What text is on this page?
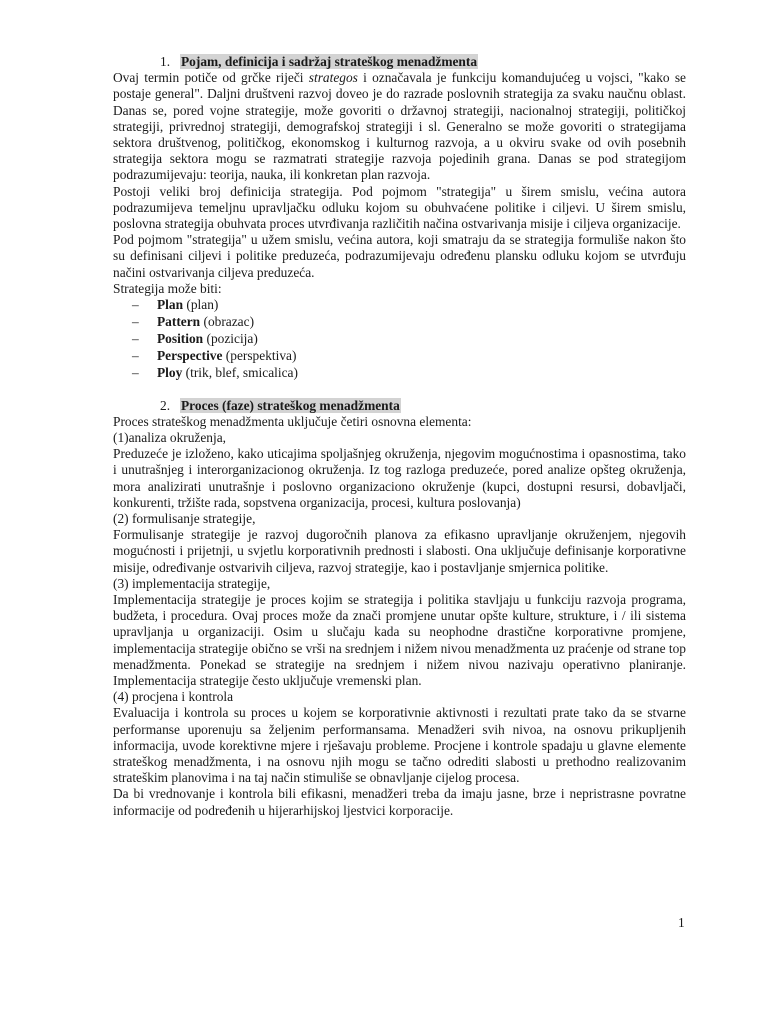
1. Pojam, definicija i sadržaj strateškog menadžmenta

Ovaj termin potiče od grčke riječi strategos i označavala je funkciju komandujućeg u vojsci, "kako se postaje general". Daljni društveni razvoj doveo je do razrade poslovnih strategija za svaku naučnu oblast. Danas se, pored vojne strategije, može govoriti o državnoj strategiji, nacionalnoj strategiji, političkoj strategiji, privrednoj strategiji, demografskoj strategiji i sl. Generalno se može govoriti o strategijama sektora društvenog, političkog, ekonomskog i kulturnog razvoja, a u okviru svake od ovih posebnih strategija sektora mogu se razmatrati strategije razvoja pojedinih grana. Danas se pod strategijom podrazumijevaju: teorija, nauka, ili konkretan plan razvoja.

Postoji veliki broj definicija strategija. Pod pojmom "strategija" u širem smislu, većina autora podrazumijeva temeljnu upravljačku odluku kojom su obuhvaćene politike i ciljevi. U širem smislu, poslovna strategija obuhvata proces utvrđivanja različitih načina ostvarivanja misije i ciljeva organizacije.

Pod pojmom "strategija" u užem smislu, većina autora, koji smatraju da se strategija formuliše nakon što su definisani ciljevi i politike preduzeća, podrazumijevaju određenu plansku odluku kojom se utvrđuju načini ostvarivanja ciljeva preduzeća.

Strategija može biti:

– Plan (plan)
– Pattern (obrazac)
– Position (pozicija)
– Perspective (perspektiva)
– Ploy (trik, blef, smicalica)
2. Proces (faze) strateškog menadžmenta

Proces strateškog menadžmenta uključuje četiri osnovna elementa:

(1)analiza okruženja,

Preduzeće je izloženo, kako uticajima spoljašnjeg okruženja, njegovim mogućnostima i opasnostima, tako i unutrašnjeg i interorganizacionog okruženja. Iz tog razloga preduzeće, pored analize opšteg okruženja, mora analizirati unutrašnje i poslovno organizaciono okruženje (kupci, dostupni resursi, dobavljači, konkurenti, tržište rada, sopstvena organizacija, procesi, kultura poslovanja)

(2) formulisanje strategije,

Formulisanje strategije je razvoj dugoročnih planova za efikasno upravljanje okruženjem, njegovih mogućnosti i prijetnji, u svjetlu korporativnih prednosti i slabosti. Ona uključuje definisanje korporativne misije, određivanje ostvarivih ciljeva, razvoj strategije, kao i postavljanje smjernica politike.

(3) implementacija strategije,

Implementacija strategije je proces kojim se strategija i politika stavljaju u funkciju razvoja programa, budžeta, i procedura. Ovaj proces može da znači promjene unutar opšte kulture, strukture, i / ili sistema upravljanja u organizaciji. Osim u slučaju kada su neophodne drastične korporativne promjene, implementacija strategije obično se vrši na srednjem i nižem nivou menadžmenta uz praćenje od strane top menadžmenta. Ponekad se strategije na srednjem i nižem nivou nazivaju operativno planiranje. Implementacija strategije često uključuje vremenski plan.

(4) procjena i kontrola

Evaluacija i kontrola su proces u kojem se korporativnie aktivnosti i rezultati prate tako da se stvarne performanse uporenuju sa željenim performansama. Menadžeri svih nivoa, na osnovu prikupljenih informacija, uvode korektivne mjere i rješavaju probleme. Procjene i kontrole spadaju u glavne elemente strateškog menadžmenta, i na osnovu njih mogu se tačno odrediti slabosti u prethodno realizovanim strateškim planovima i na taj način stimuliše se obnavljanje cijelog procesa.

Da bi vrednovanje i kontrola bili efikasni, menadžeri treba da imaju jasne, brze i nepristrasne povratne informacije od podređenih u hijerarhijskoj ljestvici korporacije.

1
